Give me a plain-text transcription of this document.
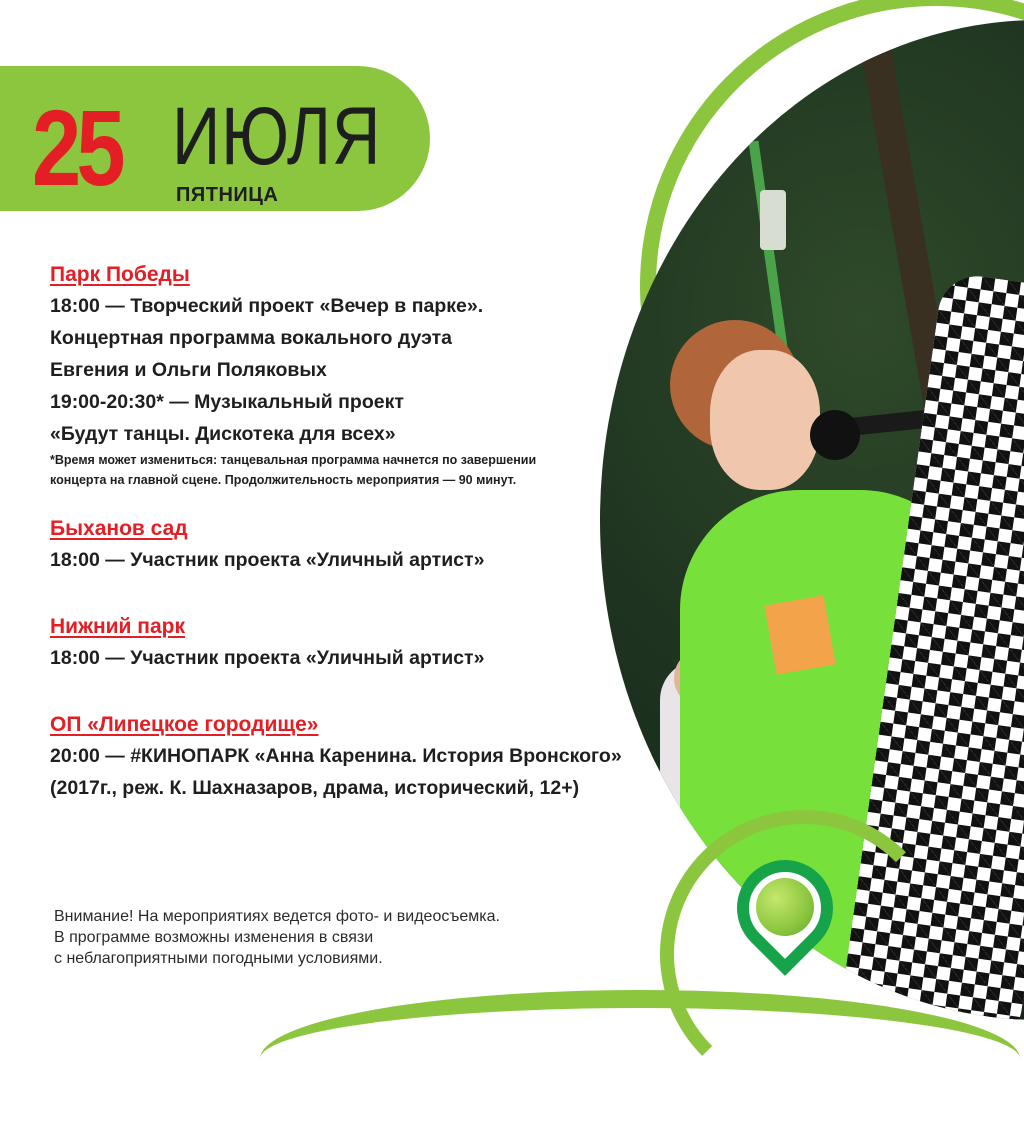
25 ИЮЛЯ
ПЯТНИЦА

Парк Победы

18:00 — Творческий проект «Вечер в парке».

Концертная программа вокального дуэта

Евгения и Ольги Поляковых

19:00-20:30* — Музыкальный проект

«Будут танцы. Дискотека для всех»

*Время может измениться: танцевальная программа начнется по завершении

концерта на главной сцене. Продолжительность мероприятия — 90 минут.

Быханов сад

18:00 — Участник проекта «Уличный артист»

Нижний парк

18:00 — Участник проекта «Уличный артист»

ОП «Липецкое городище»

20:00 — #КИНОПАРК «Анна Каренина. История Вронского»

(2017г., реж. К. Шахназаров, драма, исторический, 12+)

Внимание! На мероприятиях ведется фото- и видеосъемка.

В программе возможны изменения в связи

с неблагоприятными погодными условиями.
